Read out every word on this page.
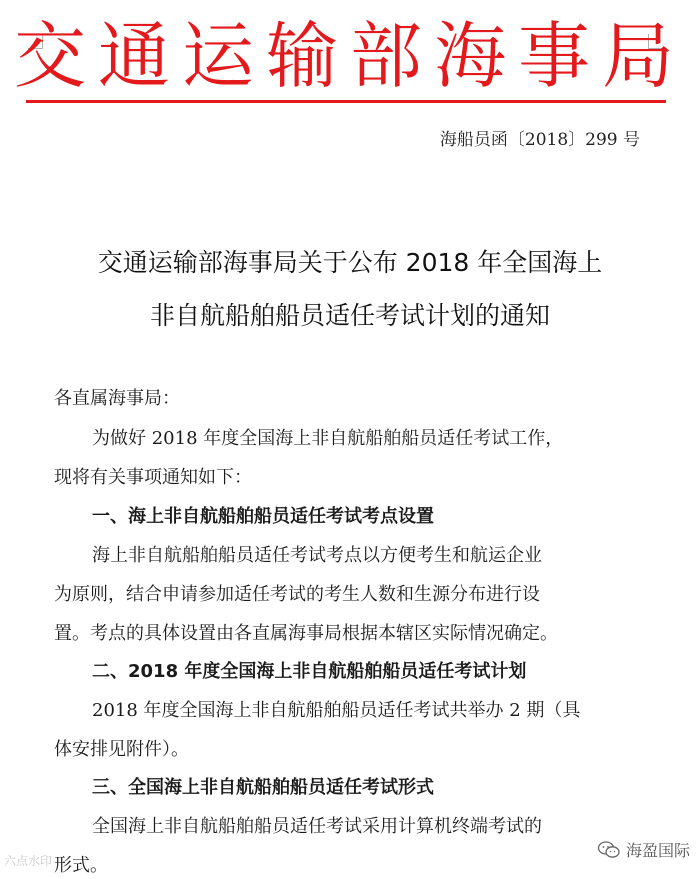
交通运输部海事局
海船员函〔2018〕299 号
交通运输部海事局关于公布 2018 年全国海上
非自航船舶船员适任考试计划的通知
各直属海事局：
为做好 2018 年度全国海上非自航船舶船员适任考试工作，
现将有关事项通知如下：
一、海上非自航船舶船员适任考试考点设置
海上非自航船舶船员适任考试考点以方便考生和航运企业
为原则，结合申请参加适任考试的考生人数和生源分布进行设
置。考点的具体设置由各直属海事局根据本辖区实际情况确定。
二、2018 年度全国海上非自航船舶船员适任考试计划
2018 年度全国海上非自航船舶船员适任考试共举办 2 期（具
体安排见附件）。
三、全国海上非自航船舶船员适任考试形式
全国海上非自航船舶船员适任考试采用计算机终端考试的
形式。
六点水印
海盈国际
